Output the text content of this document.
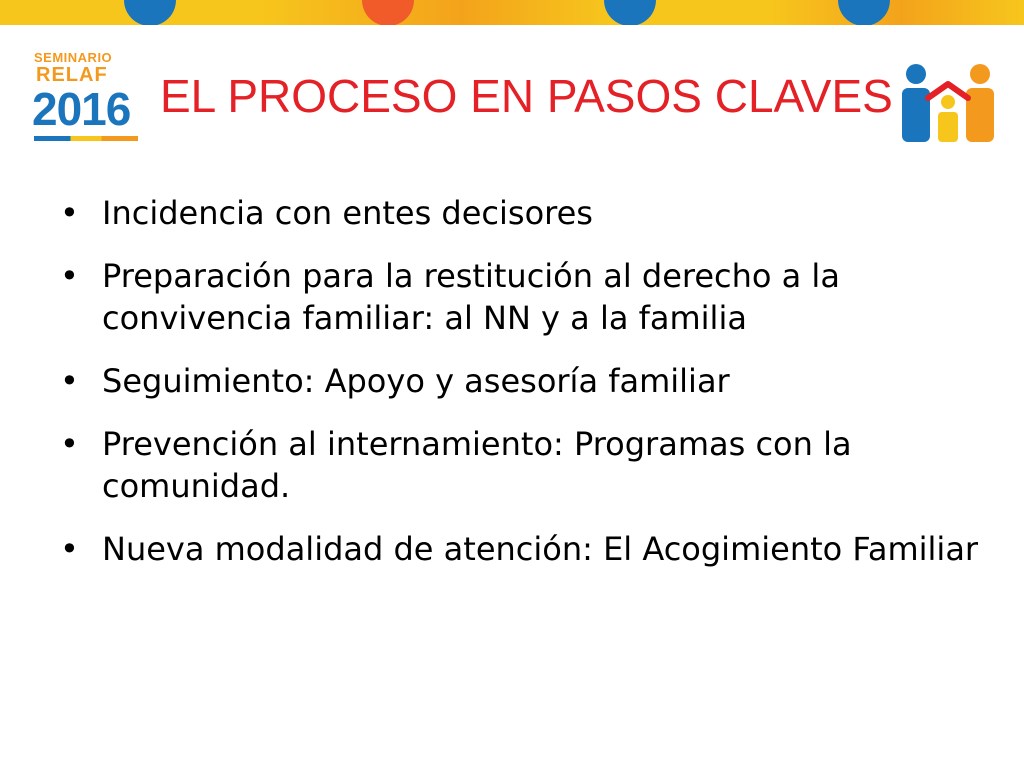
SEMINARIO
RELAF
2016 EL PROCESO EN PASOS CLAVES
• Incidencia con entes decisores
• Preparación para la restitución al derecho a la convivencia familiar: al NN y a la familia
• Seguimiento: Apoyo y asesoría familiar
• Prevención al internamiento: Programas con la comunidad.
• Nueva modalidad de atención: El Acogimiento Familiar
